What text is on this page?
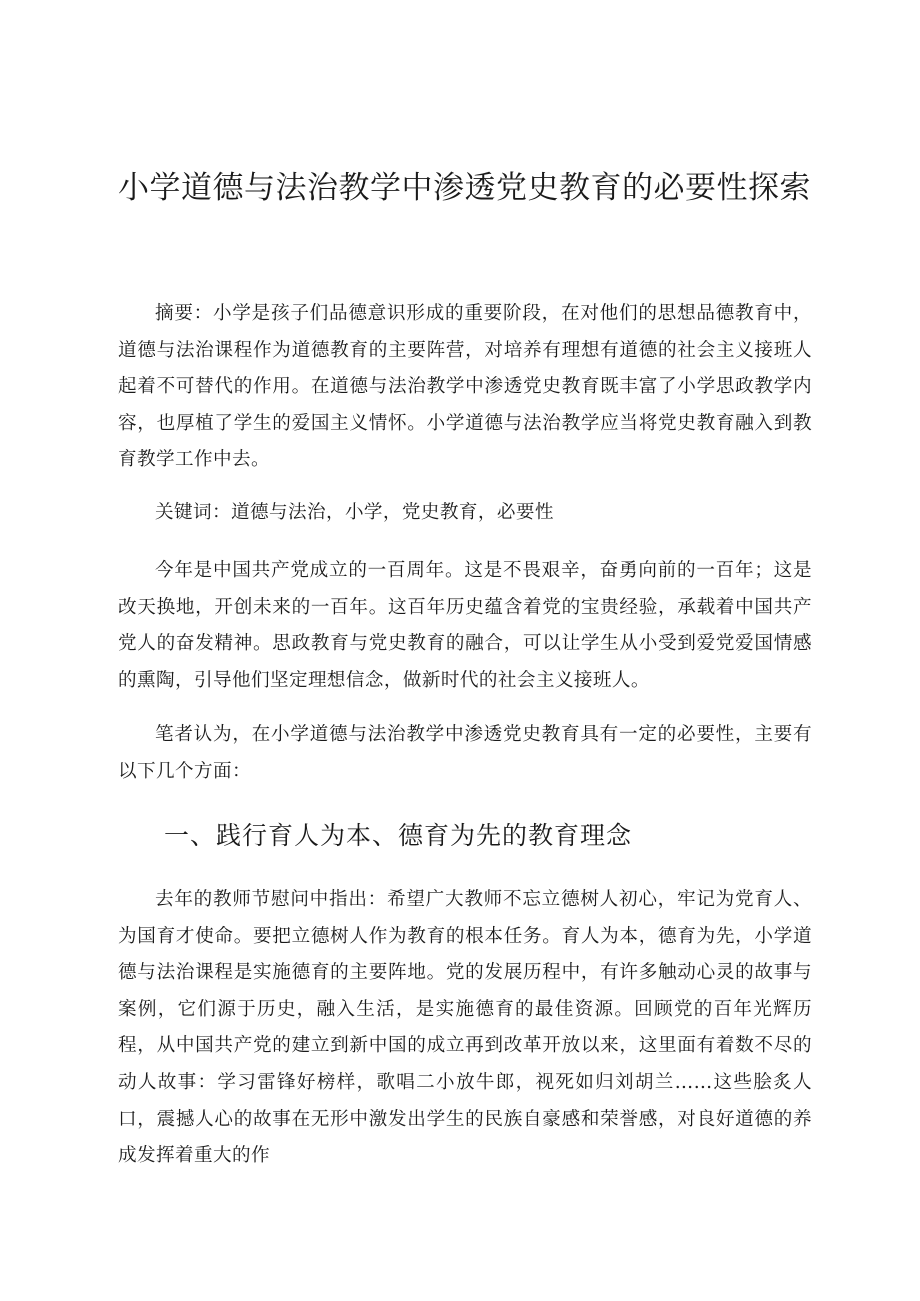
小学道德与法治教学中渗透党史教育的必要性探索

摘要：小学是孩子们品德意识形成的重要阶段，在对他们的思想品德教育中，道德与法治课程作为道德教育的主要阵营，对培养有理想有道德的社会主义接班人起着不可替代的作用。在道德与法治教学中渗透党史教育既丰富了小学思政教学内容，也厚植了学生的爱国主义情怀。小学道德与法治教学应当将党史教育融入到教育教学工作中去。

关键词：道德与法治，小学，党史教育，必要性

今年是中国共产党成立的一百周年。这是不畏艰辛，奋勇向前的一百年；这是改天换地，开创未来的一百年。这百年历史蕴含着党的宝贵经验，承载着中国共产党人的奋发精神。思政教育与党史教育的融合，可以让学生从小受到爱党爱国情感的熏陶，引导他们坚定理想信念，做新时代的社会主义接班人。

笔者认为，在小学道德与法治教学中渗透党史教育具有一定的必要性，主要有以下几个方面：

一、践行育人为本、德育为先的教育理念

去年的教师节慰问中指出：希望广大教师不忘立德树人初心，牢记为党育人、为国育才使命。要把立德树人作为教育的根本任务。育人为本，德育为先，小学道德与法治课程是实施德育的主要阵地。党的发展历程中，有许多触动心灵的故事与案例，它们源于历史，融入生活，是实施德育的最佳资源。回顾党的百年光辉历程，从中国共产党的建立到新中国的成立再到改革开放以来，这里面有着数不尽的动人故事：学习雷锋好榜样，歌唱二小放牛郎，视死如归刘胡兰……这些脍炙人口，震撼人心的故事在无形中激发出学生的民族自豪感和荣誉感，对良好道德的养成发挥着重大的作
